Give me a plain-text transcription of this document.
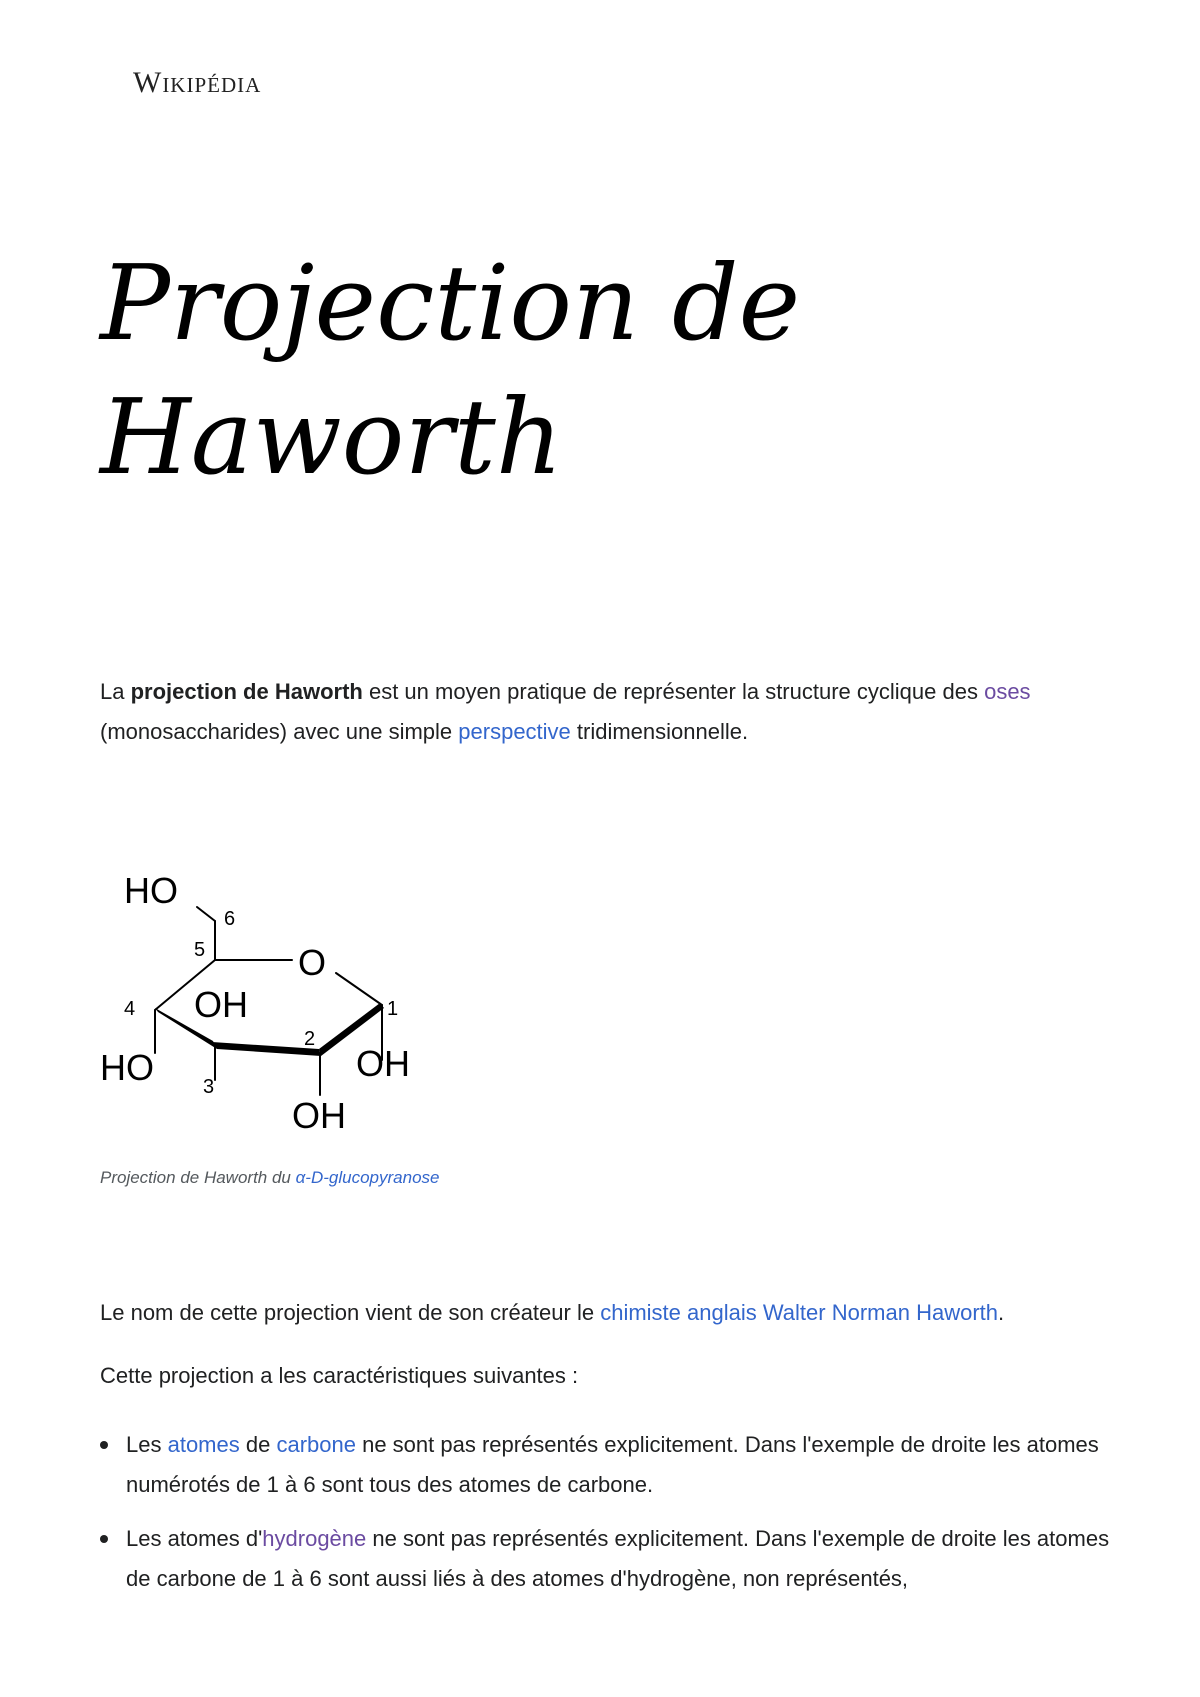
Wikipédia
Projection de Haworth

La projection de Haworth est un moyen pratique de représenter la structure cyclique des oses (monosaccharides) avec une simple perspective tridimensionnelle.

HO
6
5	O
4 OH	1
2
HO	OH
3
OH
Projection de Haworth du α-D-glucopyranose

Le nom de cette projection vient de son créateur le chimiste anglais Walter Norman Haworth.

Cette projection a les caractéristiques suivantes :

Les atomes de carbone ne sont pas représentés explicitement. Dans l'exemple de droite les atomes numérotés de 1 à 6 sont tous des atomes de carbone.
Les atomes d'hydrogène ne sont pas représentés explicitement. Dans l'exemple de droite les atomes de carbone de 1 à 6 sont aussi liés à des atomes d'hydrogène, non représentés,
